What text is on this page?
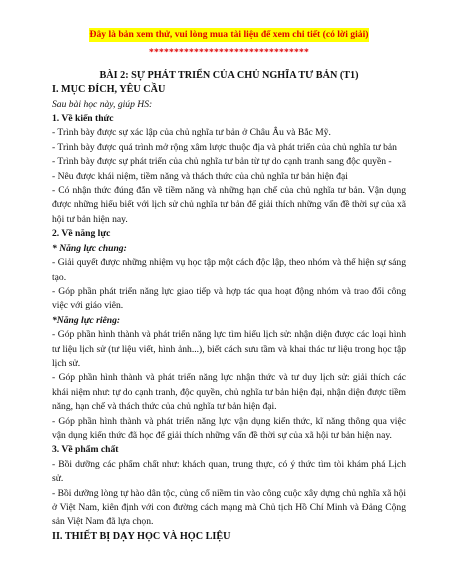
Đây là bản xem thử, vui lòng mua tài liệu để xem chi tiết (có lời giải)
********************************
BÀI 2: SỰ PHÁT TRIỂN CỦA CHỦ NGHĨA TƯ BẢN (T1)
I. MỤC ĐÍCH, YÊU CẦU

Sau bài học này, giúp HS:

1. Về kiến thức

- Trình bày được sự xác lập của chủ nghĩa tư bản ở Châu Âu và Bắc Mỹ.

- Trình bày được quá trình mở rộng xâm lược thuộc địa và phát triển của chủ nghĩa tư bản

- Trình bày được sự phát triển của chủ nghĩa tư bản từ tự do cạnh tranh sang độc quyền -

- Nêu được khái niệm, tiềm năng và thách thức của chủ nghĩa tư bản hiện đại

- Có nhận thức đúng đắn về tiềm năng và những hạn chế của chủ nghĩa tư bản. Vận dụng được những hiểu biết với lịch sử chủ nghĩa tư bản để giải thích những vấn đề thời sự của xã hội tư bản hiện nay.

2. Về năng lực
* Năng lực chung:

- Giải quyết được những nhiệm vụ học tập một cách độc lập, theo nhóm và thể hiện sự sáng tạo.

- Góp phần phát triển năng lực giao tiếp và hợp tác qua hoạt động nhóm và trao đổi công việc với giáo viên.

*Năng lực riêng:

- Góp phần hình thành và phát triển năng lực tìm hiểu lịch sử: nhận diện được các loại hình tư liệu lịch sử (tư liệu viết, hình ảnh...), biết cách sưu tầm và khai thác tư liệu trong học tập lịch sử.

- Góp phần hình thành và phát triển năng lực nhận thức và tư duy lịch sử: giải thích các khái niệm như: tự do cạnh tranh, độc quyền, chủ nghĩa tư bản hiện đại, nhận diện được tiềm năng, hạn chế và thách thức của chủ nghĩa tư bản hiện đại.

- Góp phần hình thành và phát triển năng lực vận dụng kiến thức, kĩ năng thông qua việc vận dụng kiến thức đã học để giải thích những vấn đề thời sự của xã hội tư bản hiện nay.

3. Về phẩm chất

- Bồi dưỡng các phẩm chất như: khách quan, trung thực, có ý thức tìm tòi khám phá Lịch sử.

- Bồi dưỡng lòng tự hào dân tộc, củng cố niềm tin vào công cuộc xây dựng chủ nghĩa xã hội ở Việt Nam, kiên định với con đường cách mạng mà Chủ tịch Hồ Chí Minh và Đảng Cộng sản Việt Nam đã lựa chọn.

II. THIẾT BỊ DẠY HỌC VÀ HỌC LIỆU
